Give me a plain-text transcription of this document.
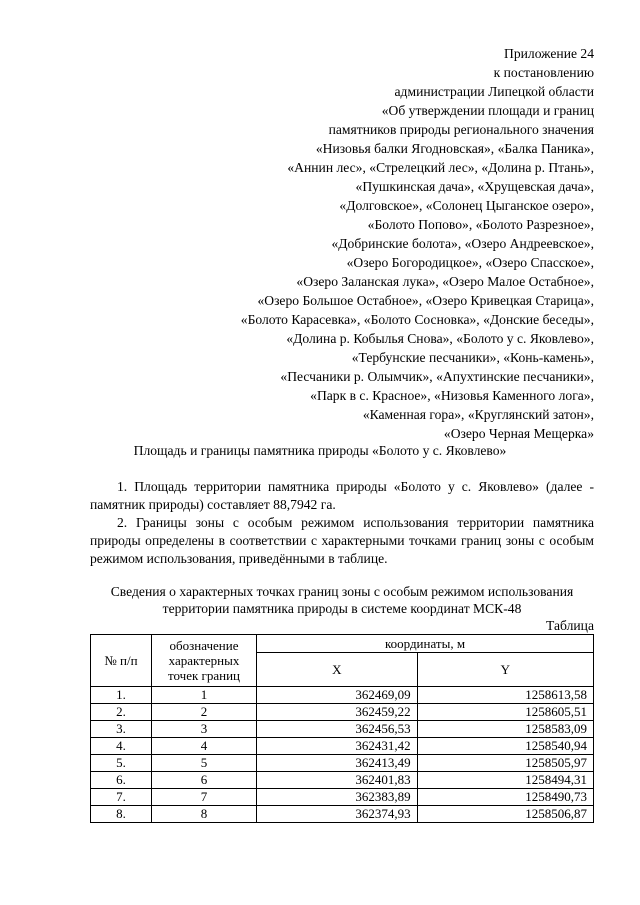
Приложение 24
к постановлению
администрации Липецкой области
«Об утверждении площади и границ
памятников природы регионального значения
«Низовья балки Ягодновская», «Балка Паника»,
«Аннин лес», «Стрелецкий лес», «Долина р. Птань»,
«Пушкинская дача», «Хрущевская дача»,
«Долговское», «Солонец Цыганское озеро»,
«Болото Попово», «Болото Разрезное»,
«Добринские болота», «Озеро Андреевское»,
«Озеро Богородицкое», «Озеро Спасское»,
«Озеро Заланская лука», «Озеро Малое Остабное»,
«Озеро Большое Остабное», «Озеро Кривецкая Старица»,
«Болото Карасевка», «Болото Сосновка», «Донские беседы»,
«Долина р. Кобылья Снова», «Болото у с. Яковлево»,
«Тербунские песчаники», «Конь-камень»,
«Песчаники р. Олымчик», «Апухтинские песчаники»,
«Парк в с. Красное», «Низовья Каменного лога»,
«Каменная гора», «Круглянский затон»,
«Озеро Черная Мещерка»
Площадь и границы памятника природы «Болото у с. Яковлево»
1. Площадь территории памятника природы «Болото у с. Яковлево» (далее - памятник природы) составляет 88,7942 га.
2. Границы зоны с особым режимом использования территории памятника природы определены в соответствии с характерными точками границ зоны с особым режимом использования, приведёнными в таблице.
Сведения о характерных точках границ зоны с особым режимом использования
территории памятника природы в системе координат МСК-48
Таблица
№ п/п	обозначение характерных точек границ	координаты, м	
		X	Y
1.	1	362469,09	1258613,58
2.	2	362459,22	1258605,51
3.	3	362456,53	1258583,09
4.	4	362431,42	1258540,94
5.	5	362413,49	1258505,97
6.	6	362401,83	1258494,31
7.	7	362383,89	1258490,73
8.	8	362374,93	1258506,87
